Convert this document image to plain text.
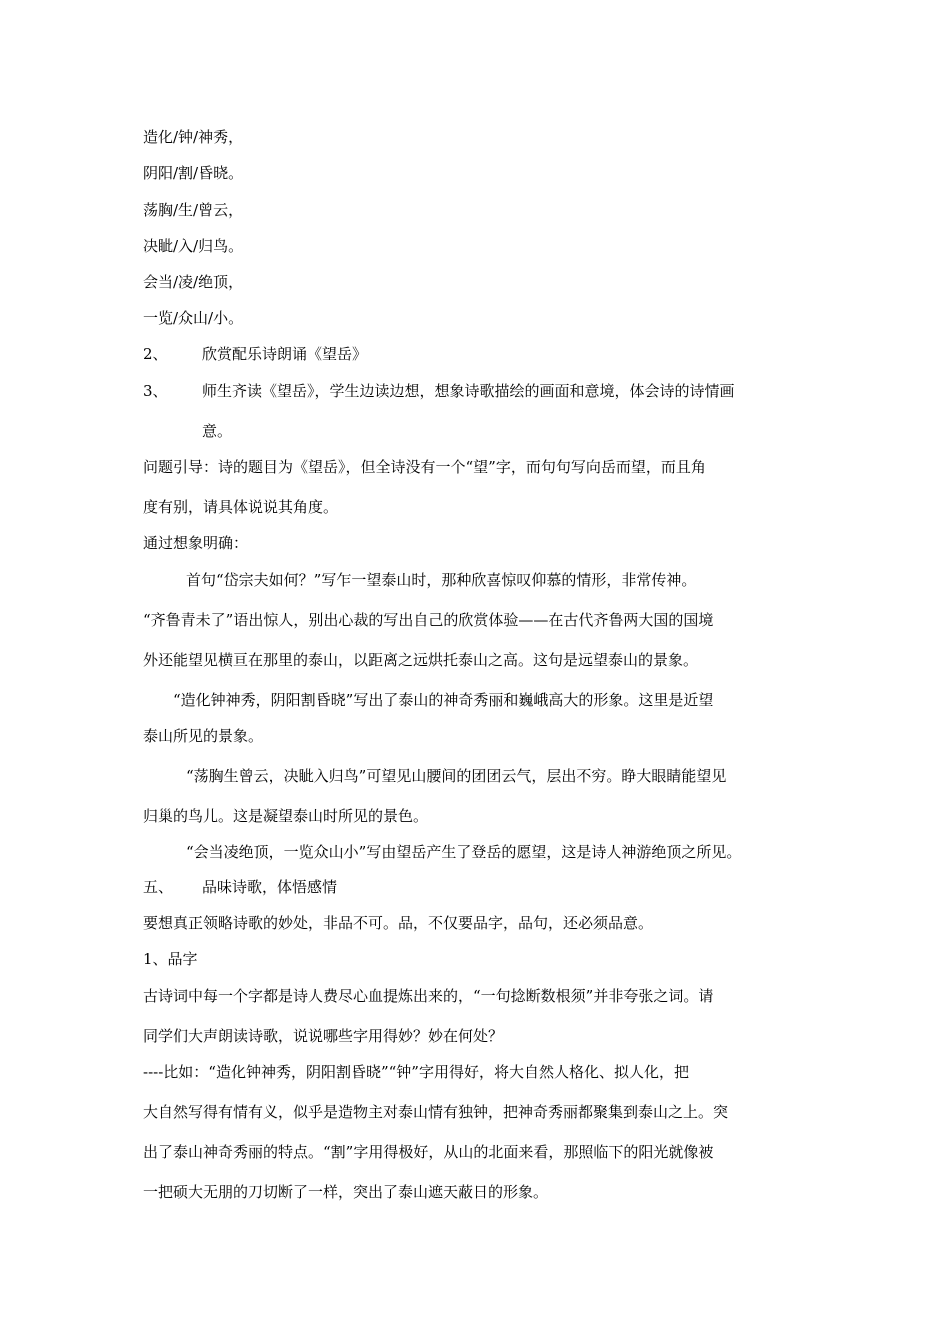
造化/钟/神秀，
阴阳/割/昏晓。
荡胸/生/曾云，
决眦/入/归鸟。
会当/凌/绝顶，
一览/众山/小。
2、 欣赏配乐诗朗诵《望岳》
3、 师生齐读《望岳》，学生边读边想，想象诗歌描绘的画面和意境，体会诗的诗情画
意。
问题引导：诗的题目为《望岳》，但全诗没有一个“望”字，而句句写向岳而望，而且角
度有别，请具体说说其角度。
通过想象明确：
首句“岱宗夫如何？”写乍一望泰山时，那种欣喜惊叹仰慕的情形，非常传神。
“齐鲁青未了”语出惊人，别出心裁的写出自己的欣赏体验——在古代齐鲁两大国的国境
外还能望见横亘在那里的泰山，以距离之远烘托泰山之高。这句是远望泰山的景象。
“造化钟神秀，阴阳割昏晓”写出了泰山的神奇秀丽和巍峨高大的形象。这里是近望
泰山所见的景象。
“荡胸生曾云，决眦入归鸟”可望见山腰间的团团云气，层出不穷。睁大眼睛能望见
归巢的鸟儿。这是凝望泰山时所见的景色。
“会当凌绝顶，一览众山小”写由望岳产生了登岳的愿望，这是诗人神游绝顶之所见。
五、 品味诗歌，体悟感情
要想真正领略诗歌的妙处，非品不可。品，不仅要品字，品句，还必须品意。
1、品字
古诗词中每一个字都是诗人费尽心血提炼出来的，“一句捻断数根须”并非夸张之词。请
同学们大声朗读诗歌，说说哪些字用得妙？妙在何处？
----比如：“造化钟神秀，阴阳割昏晓”“钟”字用得好，将大自然人格化、拟人化，把
大自然写得有情有义，似乎是造物主对泰山情有独钟，把神奇秀丽都聚集到泰山之上。突
出了泰山神奇秀丽的特点。“割”字用得极好，从山的北面来看，那照临下的阳光就像被
一把硕大无朋的刀切断了一样，突出了泰山遮天蔽日的形象。
